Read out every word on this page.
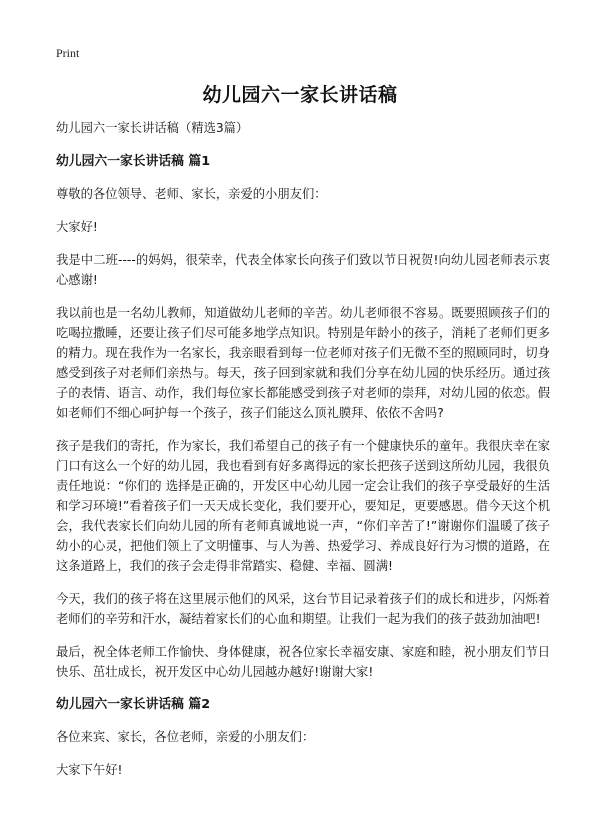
Print
幼儿园六一家长讲话稿

幼儿园六一家长讲话稿（精选3篇）

幼儿园六一家长讲话稿 篇1

尊敬的各位领导、老师、家长，亲爱的小朋友们：

大家好!

我是中二班----的妈妈，很荣幸，代表全体家长向孩子们致以节日祝贺!向幼儿园老师表示衷心感谢!

我以前也是一名幼儿教师，知道做幼儿老师的辛苦。幼儿老师很不容易。既要照顾孩子们的吃喝拉撒睡，还要让孩子们尽可能多地学点知识。特别是年龄小的孩子，消耗了老师们更多的精力。现在我作为一名家长，我亲眼看到每一位老师对孩子们无微不至的照顾同时，切身感受到孩子对老师们亲热与。每天，孩子回到家就和我们分享在幼儿园的快乐经历。通过孩子的表情、语言、动作，我们每位家长都能感受到孩子对老师的崇拜，对幼儿园的依恋。假如老师们不细心呵护每一个孩子，孩子们能这么顶礼膜拜、依依不舍吗?

孩子是我们的寄托，作为家长，我们希望自己的孩子有一个健康快乐的童年。我很庆幸在家门口有这么一个好的幼儿园，我也看到有好多离得远的家长把孩子送到这所幼儿园，我很负责任地说：“你们的 选择是正确的，开发区中心幼儿园一定会让我们的孩子享受最好的生活和学习环境!”看着孩子们一天天成长变化，我们要开心，要知足，更要感恩。借今天这个机会，我代表家长们向幼儿园的所有老师真诚地说一声，“你们辛苦了!”谢谢你们温暖了孩子幼小的心灵，把他们领上了文明懂事、与人为善、热爱学习、养成良好行为习惯的道路，在这条道路上，我们的孩子会走得非常踏实、稳健、幸福、圆满!

今天，我们的孩子将在这里展示他们的风采，这台节目记录着孩子们的成长和进步，闪烁着老师们的辛劳和汗水，凝结着家长们的心血和期望。让我们一起为我们的孩子鼓劲加油吧!

最后，祝全体老师工作愉快、身体健康，祝各位家长幸福安康、家庭和睦，祝小朋友们节日快乐、茁壮成长，祝开发区中心幼儿园越办越好!谢谢大家!

幼儿园六一家长讲话稿 篇2

各位来宾、家长，各位老师，亲爱的小朋友们：

大家下午好!
